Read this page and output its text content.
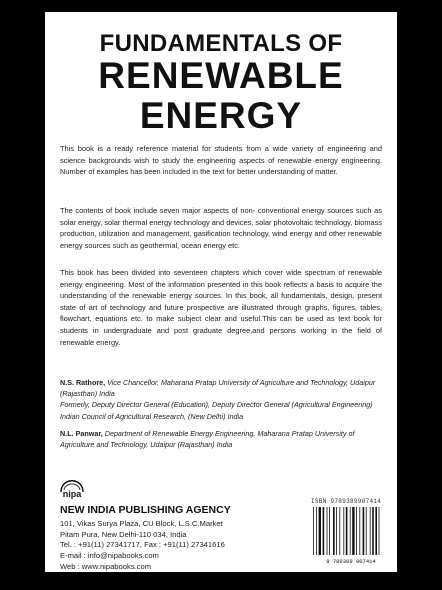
FUNDAMENTALS OF
RENEWABLE
ENERGY

This book is a ready reference material for students from a wide variety of engineering and science backgrounds wish to study the engineering aspects of renewable energy engineering. Number of examples has been included in the text for better understanding of matter.

The contents of book include seven major aspects of non- conventional energy sources such as solar energy, solar thermal energy technology and devices, solar photovoltaic technology, biomass production, utilization and management, gasification technology, wind energy and other renewable energy sources such as geothermal, ocean energy etc.

This book has been divided into seventeen chapters which cover wide spectrum of renewable energy engineering. Most of the information presented in this book reflects a basis to acquire the understanding of the renewable energy sources. In this book, all fundamentals, design, present state of art of technology and future prospective are illustrated through graphs, figures, tables, flowchart, equations etc. to make subject clear and useful.This can be used as text book for students in undergraduate and post graduate degree,and persons working in the field of renewable energy.

N.S. Rathore, Vice Chancellor, Maharana Pratap University of Agriculture and Technology, Udaipur (Rajasthan) India
Formerly, Deputy Director General (Education), Deputy Director General (Agricultural Engineering) Indian Council of Agricultural Research, (New Delhi) India
N.L. Panwar, Department of Renewable Energy Engineering, Maharana Pratap University of Agriculture and Technology, Udaipur (Rajasthan) India
nipa
NEW INDIA PUBLISHING AGENCY
101, Vikas Surya Plaza, CU Block, L.S.C.Market
Pitam Pura, New Delhi-110 034, India
Tel. : +91(11) 27341717, Fax : +91(11) 27341616
E-mail : info@nipabooks.com
Web : www.nipabooks.com
ISBN 9789389907414
9 789389 907414
